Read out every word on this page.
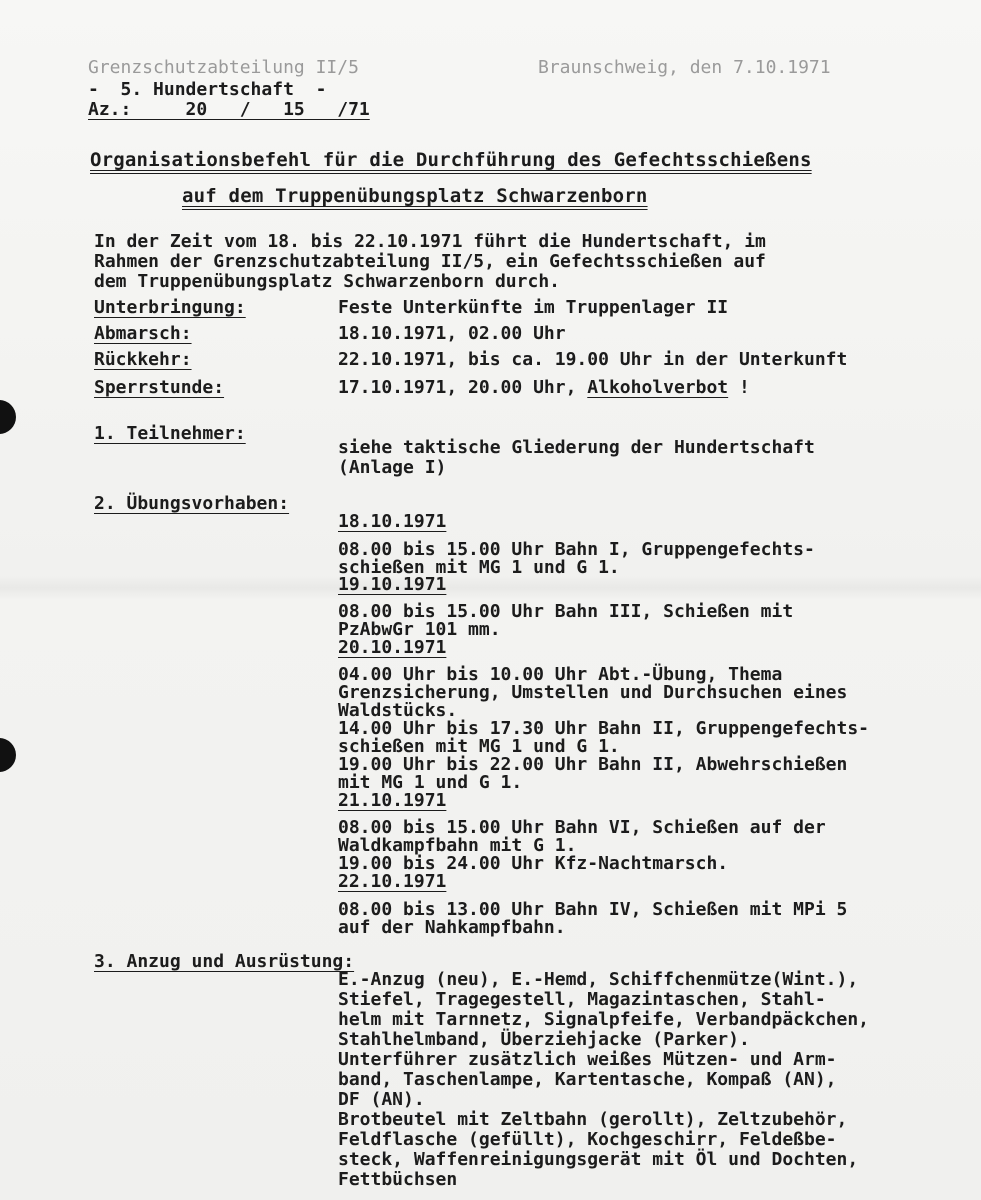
Grenzschutzabteilung II/5	Braunschweig, den 7.10.1971
-  5. Hundertschaft  -
Az.:     20   /   15   /71
Organisationsbefehl für die Durchführung des Gefechtsschießens
auf dem Truppenübungsplatz Schwarzenborn
In der Zeit vom 18. bis 22.10.1971 führt die Hundertschaft, im
Rahmen der Grenzschutzabteilung II/5, ein Gefechtsschießen auf
dem Truppenübungsplatz Schwarzenborn durch.
Unterbringung:	Feste Unterkünfte im Truppenlager II
Abmarsch:	18.10.1971, 02.00 Uhr
Rückkehr:	22.10.1971, bis ca. 19.00 Uhr in der Unterkunft
Sperrstunde:	17.10.1971, 20.00 Uhr, Alkoholverbot !
1. Teilnehmer:
siehe taktische Gliederung der Hundertschaft
(Anlage I)
2. Übungsvorhaben:
18.10.1971
08.00 bis 15.00 Uhr Bahn I, Gruppengefechts-
schießen mit MG 1 und G 1.
19.10.1971
08.00 bis 15.00 Uhr Bahn III, Schießen mit
PzAbwGr 101 mm.
20.10.1971
04.00 Uhr bis 10.00 Uhr Abt.-Übung, Thema
Grenzsicherung, Umstellen und Durchsuchen eines
Waldstücks.
14.00 Uhr bis 17.30 Uhr Bahn II, Gruppengefechts-
schießen mit MG 1 und G 1.
19.00 Uhr bis 22.00 Uhr Bahn II, Abwehrschießen
mit MG 1 und G 1.
21.10.1971
08.00 bis 15.00 Uhr Bahn VI, Schießen auf der
Waldkampfbahn mit G 1.
19.00 bis 24.00 Uhr Kfz-Nachtmarsch.
22.10.1971
08.00 bis 13.00 Uhr Bahn IV, Schießen mit MPi 5
auf der Nahkampfbahn.
3. Anzug und Ausrüstung:
E.-Anzug (neu), E.-Hemd, Schiffchenmütze(Wint.),
Stiefel, Tragegestell, Magazintaschen, Stahl-
helm mit Tarnnetz, Signalpfeife, Verbandpäckchen,
Stahlhelmband, Überziehjacke (Parker).
Unterführer zusätzlich weißes Mützen- und Arm-
band, Taschenlampe, Kartentasche, Kompaß (AN),
DF (AN).
Brotbeutel mit Zeltbahn (gerollt), Zeltzubehör,
Feldflasche (gefüllt), Kochgeschirr, Feldeßbe-
steck, Waffenreinigungsgerät mit Öl und Dochten,
Fettbüchsen
